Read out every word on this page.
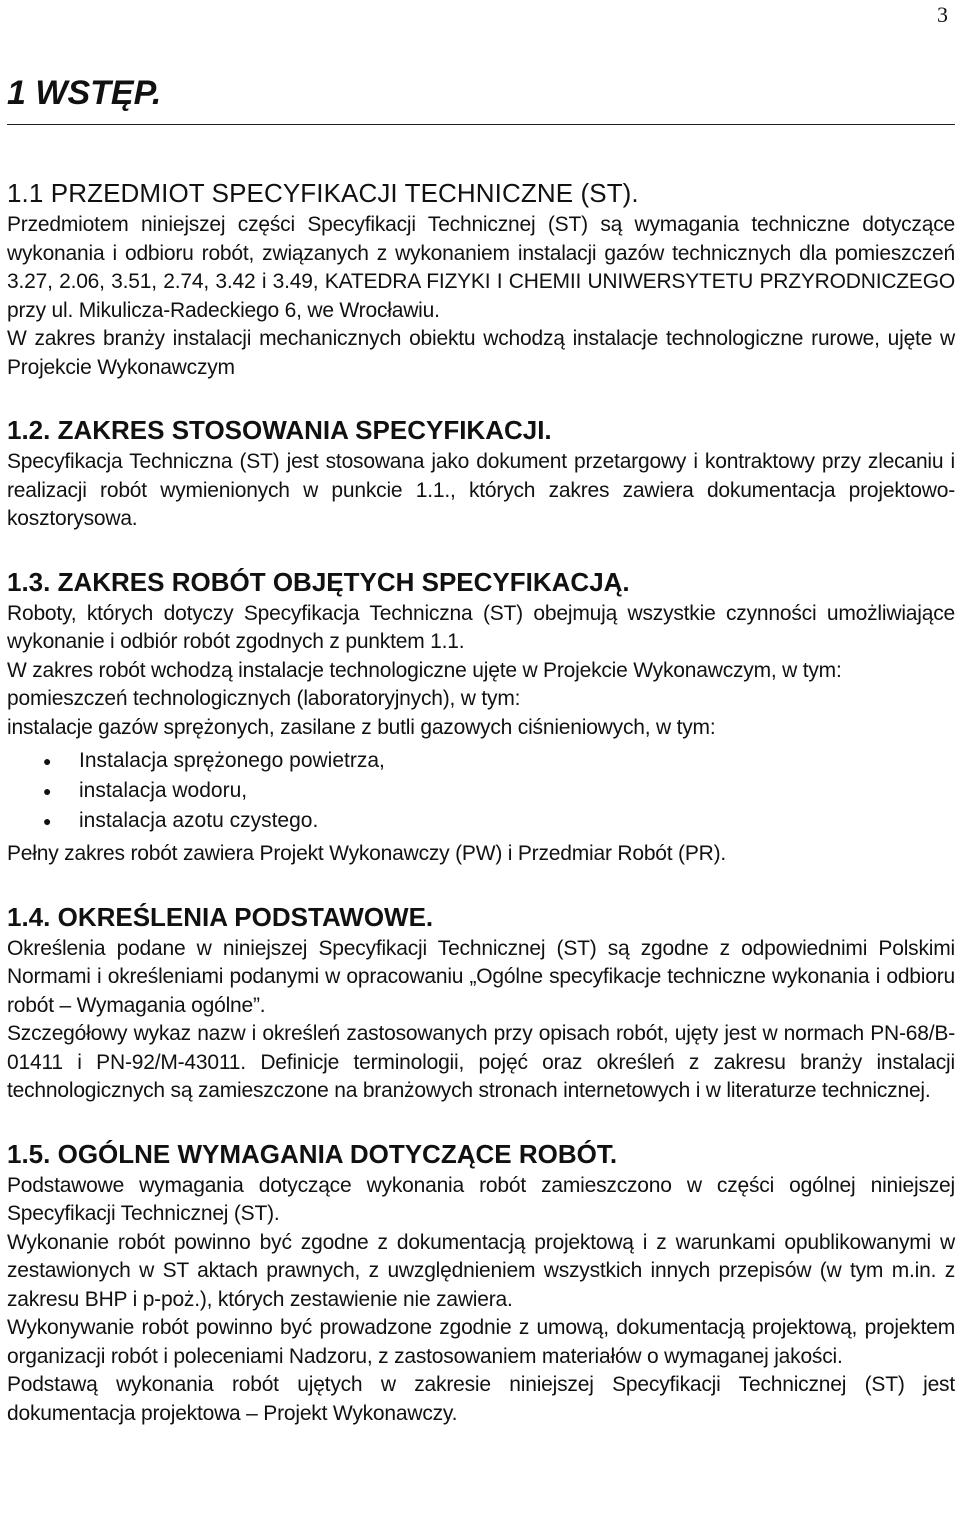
3
1 WSTĘP.
1.1 PRZEDMIOT SPECYFIKACJI TECHNICZNE (ST).

Przedmiotem niniejszej części Specyfikacji Technicznej (ST) są wymagania techniczne dotyczące wykonania i odbioru robót, związanych z wykonaniem instalacji gazów technicznych dla pomieszczeń 3.27, 2.06, 3.51, 2.74, 3.42 i 3.49, KATEDRA FIZYKI I CHEMII UNIWERSYTETU PRZYRODNICZEGO przy ul. Mikulicza-Radeckiego 6, we Wrocławiu.

W zakres branży instalacji mechanicznych obiektu wchodzą instalacje technologiczne rurowe, ujęte w Projekcie Wykonawczym

1.2. ZAKRES STOSOWANIA SPECYFIKACJI.

Specyfikacja Techniczna (ST) jest stosowana jako dokument przetargowy i kontraktowy przy zlecaniu i realizacji robót wymienionych w punkcie 1.1., których zakres zawiera dokumentacja projektowo-kosztorysowa.

1.3. ZAKRES ROBÓT OBJĘTYCH SPECYFIKACJĄ.

Roboty, których dotyczy Specyfikacja Techniczna (ST) obejmują wszystkie czynności umożliwiające wykonanie i odbiór robót zgodnych z punktem 1.1.

W zakres robót wchodzą instalacje technologiczne ujęte w Projekcie Wykonawczym, w tym:

pomieszczeń technologicznych (laboratoryjnych), w tym:

instalacje gazów sprężonych, zasilane z butli gazowych ciśnieniowych, w tym:

● Instalacja sprężonego powietrza,
● instalacja wodoru,
● instalacja azotu czystego.

Pełny zakres robót zawiera Projekt Wykonawczy (PW) i Przedmiar Robót (PR).

1.4. OKREŚLENIA PODSTAWOWE.

Określenia podane w niniejszej Specyfikacji Technicznej (ST) są zgodne z odpowiednimi Polskimi Normami i określeniami podanymi w opracowaniu „Ogólne specyfikacje techniczne wykonania i odbioru robót – Wymagania ogólne”.

Szczegółowy wykaz nazw i określeń zastosowanych przy opisach robót, ujęty jest w normach PN-68/B-01411 i PN-92/M-43011. Definicje terminologii, pojęć oraz określeń z zakresu branży instalacji technologicznych są zamieszczone na branżowych stronach internetowych i w literaturze technicznej.

1.5. OGÓLNE WYMAGANIA DOTYCZĄCE ROBÓT.

Podstawowe wymagania dotyczące wykonania robót zamieszczono w części ogólnej niniejszej Specyfikacji Technicznej (ST).

Wykonanie robót powinno być zgodne z dokumentacją projektową i z warunkami opublikowanymi w zestawionych w ST aktach prawnych, z uwzględnieniem wszystkich innych przepisów (w tym m.in. z zakresu BHP i p-poż.), których zestawienie nie zawiera.

Wykonywanie robót powinno być prowadzone zgodnie z umową, dokumentacją projektową, projektem organizacji robót i poleceniami Nadzoru, z zastosowaniem materiałów o wymaganej jakości.

Podstawą wykonania robót ujętych w zakresie niniejszej Specyfikacji Technicznej (ST) jest dokumentacja projektowa – Projekt Wykonawczy.
